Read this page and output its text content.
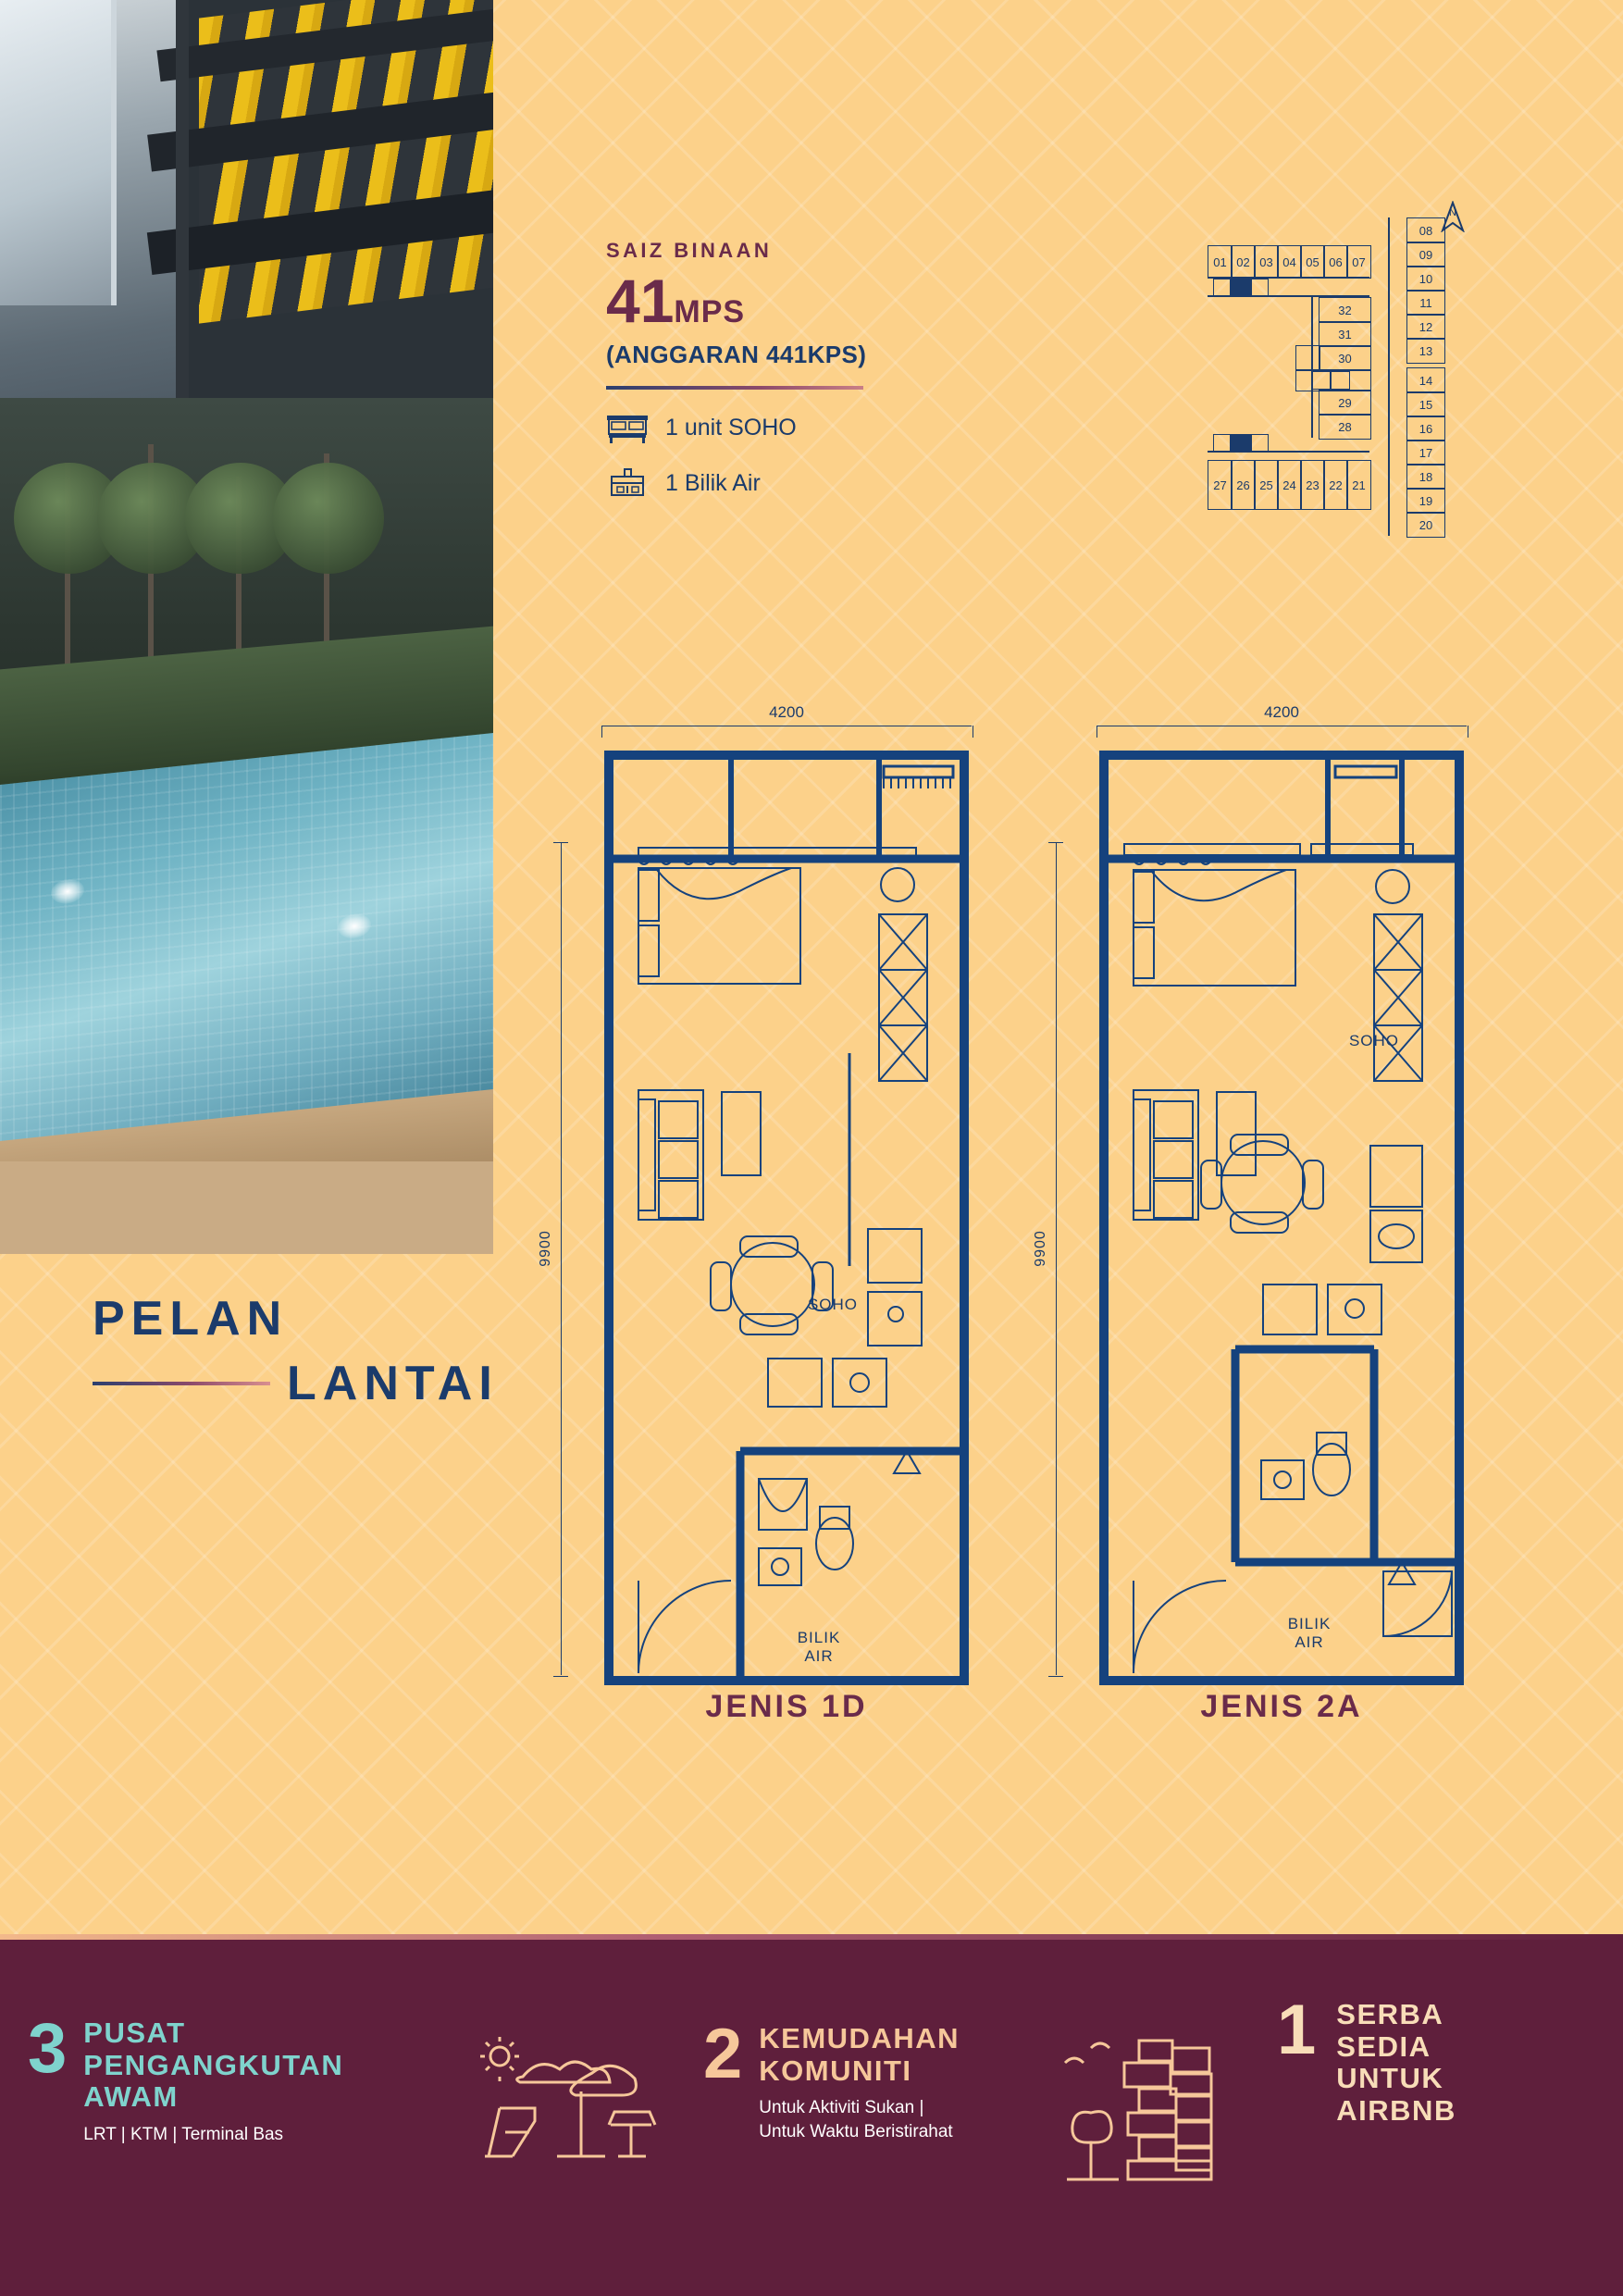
PELAN
LANTAI
SAIZ BINAAN
41MPS
(ANGGARAN 441KPS)
1 unit SOHO
1 Bilik Air
N
01 02 03 04 05 06 07
32
31
30
29
28
08
09
10
11
12
13
14
15
16
17
18
19
20
27 26 25 24 23 22 21
4200
9900
SOHO
BILIK
AIR
JENIS 1D
4200
9900
SOHO
BILIK
AIR
JENIS 2A
3 PUSAT
PENGANGKUTAN
AWAM
LRT | KTM | Terminal Bas
2 KEMUDAHAN
KOMUNITI
Untuk Aktiviti Sukan |
Untuk Waktu Beristirahat
1 SERBA
SEDIA
UNTUK
AIRBNB
